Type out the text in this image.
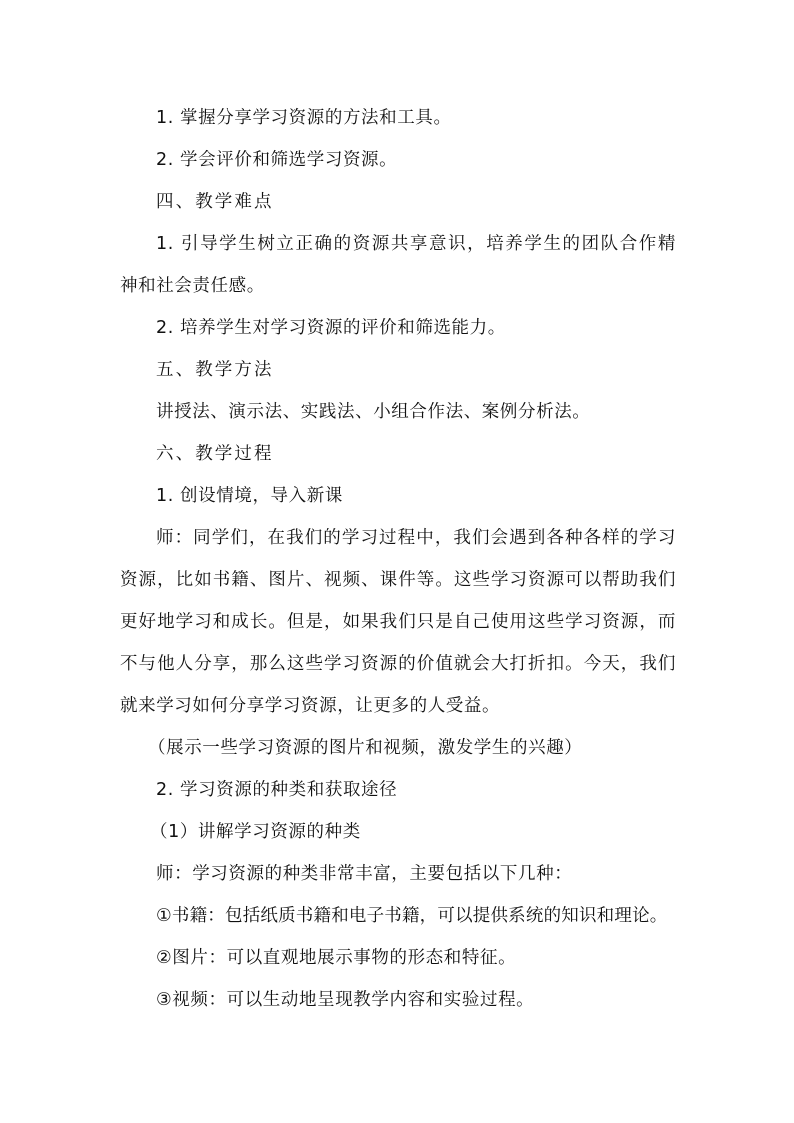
1. 掌握分享学习资源的方法和工具。
2. 学会评价和筛选学习资源。
四、教学难点
1. 引导学生树立正确的资源共享意识，培养学生的团队合作精
神和社会责任感。
2. 培养学生对学习资源的评价和筛选能力。
五、教学方法
讲授法、演示法、实践法、小组合作法、案例分析法。
六、教学过程
1. 创设情境，导入新课
师：同学们，在我们的学习过程中，我们会遇到各种各样的学习
资源，比如书籍、图片、视频、课件等。这些学习资源可以帮助我们
更好地学习和成长。但是，如果我们只是自己使用这些学习资源，而
不与他人分享，那么这些学习资源的价值就会大打折扣。今天，我们
就来学习如何分享学习资源，让更多的人受益。
（展示一些学习资源的图片和视频，激发学生的兴趣）
2. 学习资源的种类和获取途径
（1）讲解学习资源的种类
师：学习资源的种类非常丰富，主要包括以下几种：
①书籍：包括纸质书籍和电子书籍，可以提供系统的知识和理论。
②图片：可以直观地展示事物的形态和特征。
③视频：可以生动地呈现教学内容和实验过程。
